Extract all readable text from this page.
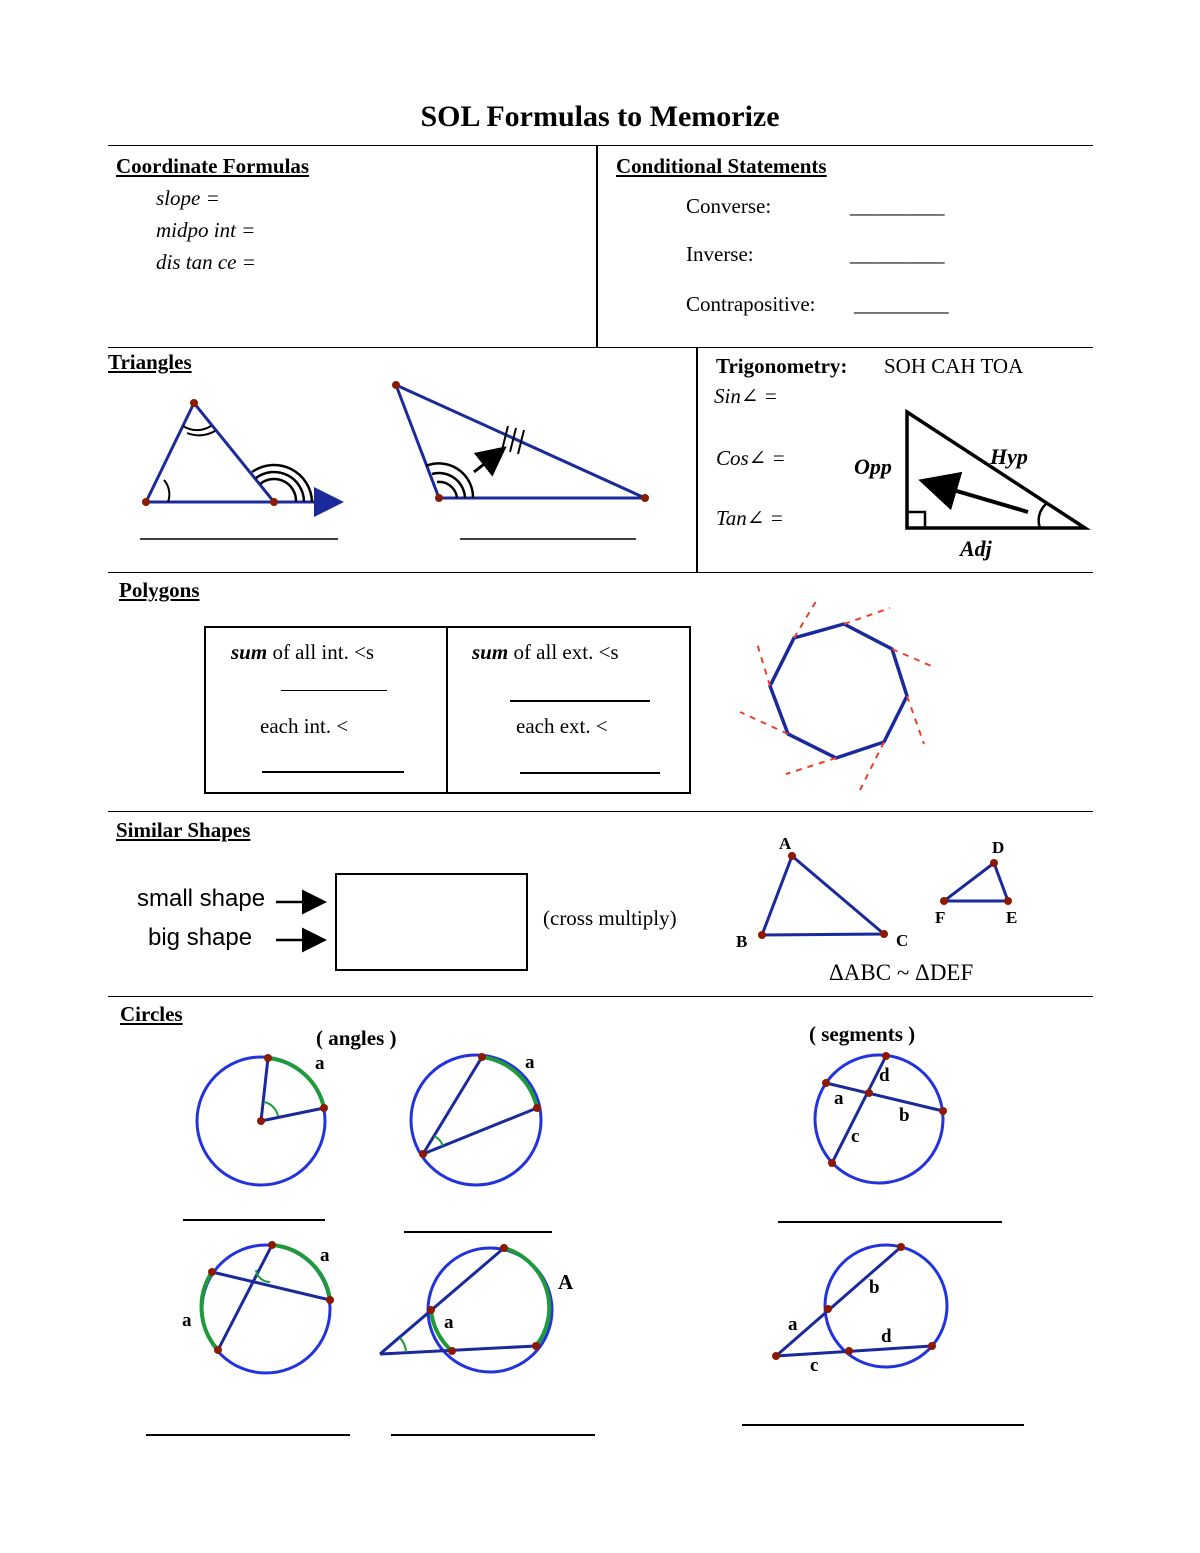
SOL Formulas to Memorize
Coordinate Formulas
slope =
midpo int =
dis tan ce =
Conditional Statements
Converse:	_________
Inverse:	_________
Contrapositive: _________
Triangles	Trigonometry: SOH CAH TOA
Sin∠ =
Cos∠ =
Tan∠ =
Opp	Hyp
Adj
Polygons
sum of all int. <s	sum of all ext. <s
each int. <	each ext. <
Similar Shapes
small shape
big shape
(cross multiply)
A
B	C
D
E
F
ΔABC ~ ΔDEF
Circles
( angles )	( segments )
a	a
a
a
A
a
a
d
b
c
b
a
d
c
